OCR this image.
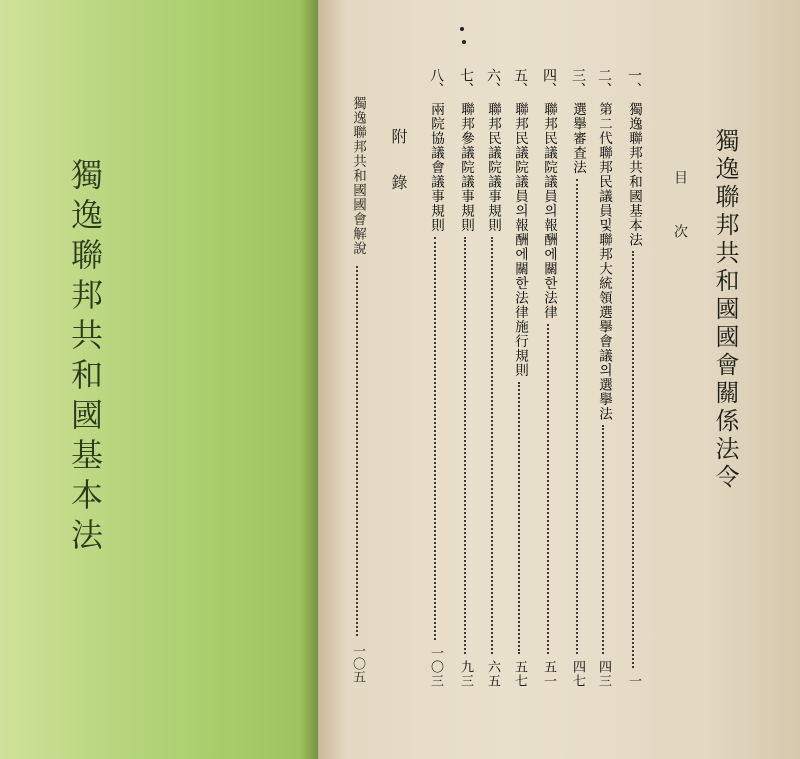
獨逸聯邦共和國基本法	獨逸聯邦共和國國會關係法令
目次
一、
獨逸聯邦共和國基本法
一
二、
第二代聯邦民議員및聯邦大統領選擧會議의選擧法
四三
三、
選擧審査法
四七
四、
聯邦民議院議員의報酬에關한法律
五一
五、
聯邦民議院議員의報酬에關한法律施行規則
五七
六、
聯邦民議院議事規則
六五
七、
聯邦參議院議事規則
九三
八、
兩院協議會議事規則
一〇三
附錄
獨逸聯邦共和國國會解說
一〇五
